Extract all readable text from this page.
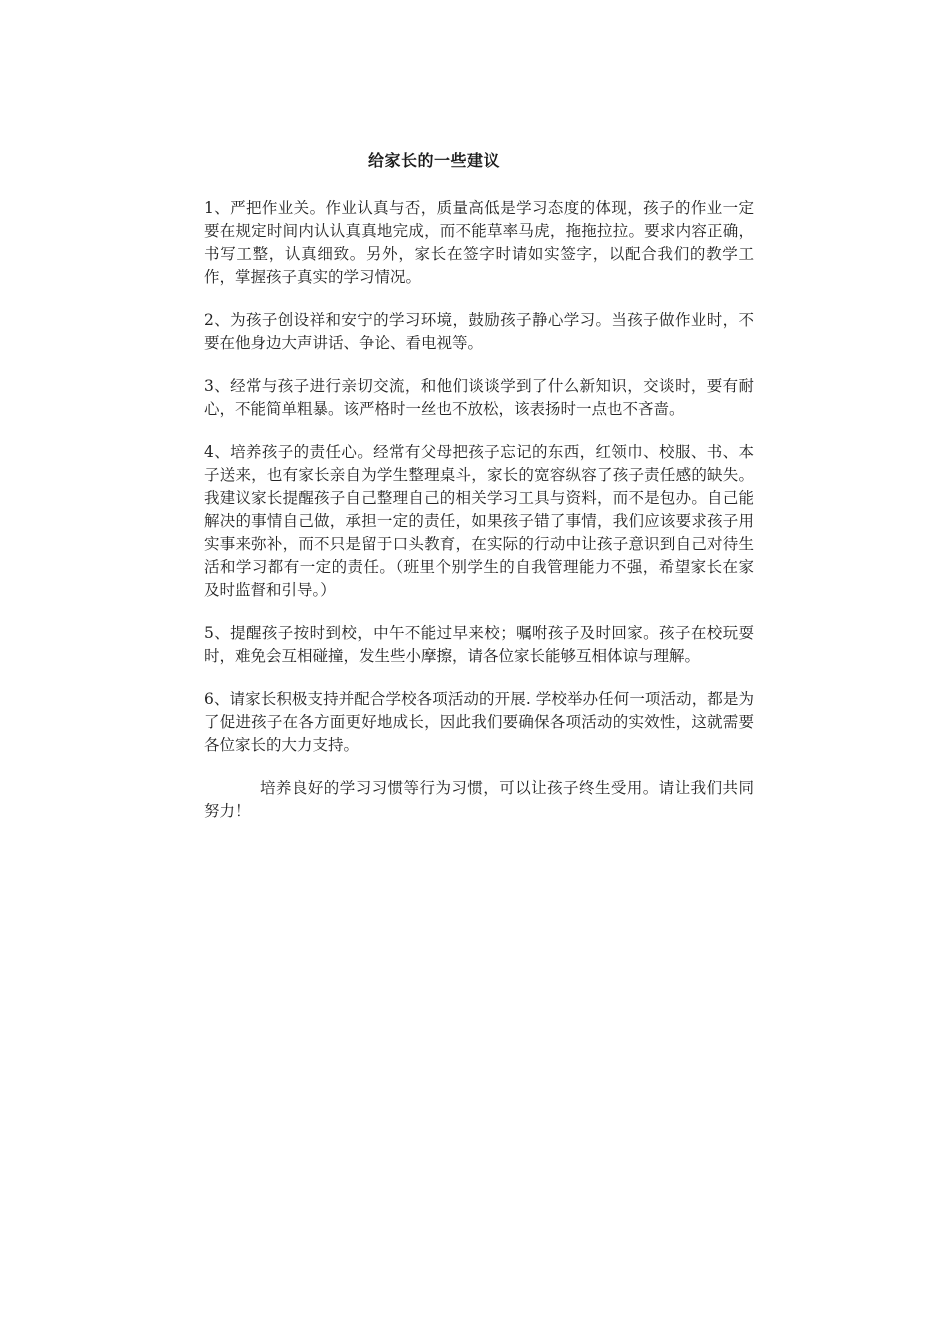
给家长的一些建议

1、严把作业关。作业认真与否，质量高低是学习态度的体现，孩子的作业一定要在规定时间内认认真真地完成，而不能草率马虎，拖拖拉拉。要求内容正确，书写工整，认真细致。另外，家长在签字时请如实签字，以配合我们的教学工作，掌握孩子真实的学习情况。

2、为孩子创设祥和安宁的学习环境，鼓励孩子静心学习。当孩子做作业时，不要在他身边大声讲话、争论、看电视等。

3、经常与孩子进行亲切交流，和他们谈谈学到了什么新知识，交谈时，要有耐心，不能简单粗暴。该严格时一丝也不放松，该表扬时一点也不吝啬。

4、培养孩子的责任心。经常有父母把孩子忘记的东西，红领巾、校服、书、本子送来，也有家长亲自为学生整理桌斗，家长的宽容纵容了孩子责任感的缺失。我建议家长提醒孩子自己整理自己的相关学习工具与资料，而不是包办。自己能解决的事情自己做，承担一定的责任，如果孩子错了事情，我们应该要求孩子用实事来弥补，而不只是留于口头教育，在实际的行动中让孩子意识到自己对待生活和学习都有一定的责任。（班里个别学生的自我管理能力不强，希望家长在家及时监督和引导。）

5、提醒孩子按时到校，中午不能过早来校；嘱咐孩子及时回家。孩子在校玩耍时，难免会互相碰撞，发生些小摩擦，请各位家长能够互相体谅与理解。

6、请家长积极支持并配合学校各项活动的开展. 学校举办任何一项活动，都是为了促进孩子在各方面更好地成长，因此我们要确保各项活动的实效性，这就需要各位家长的大力支持。

培养良好的学习习惯等行为习惯，可以让孩子终生受用。请让我们共同努力！
